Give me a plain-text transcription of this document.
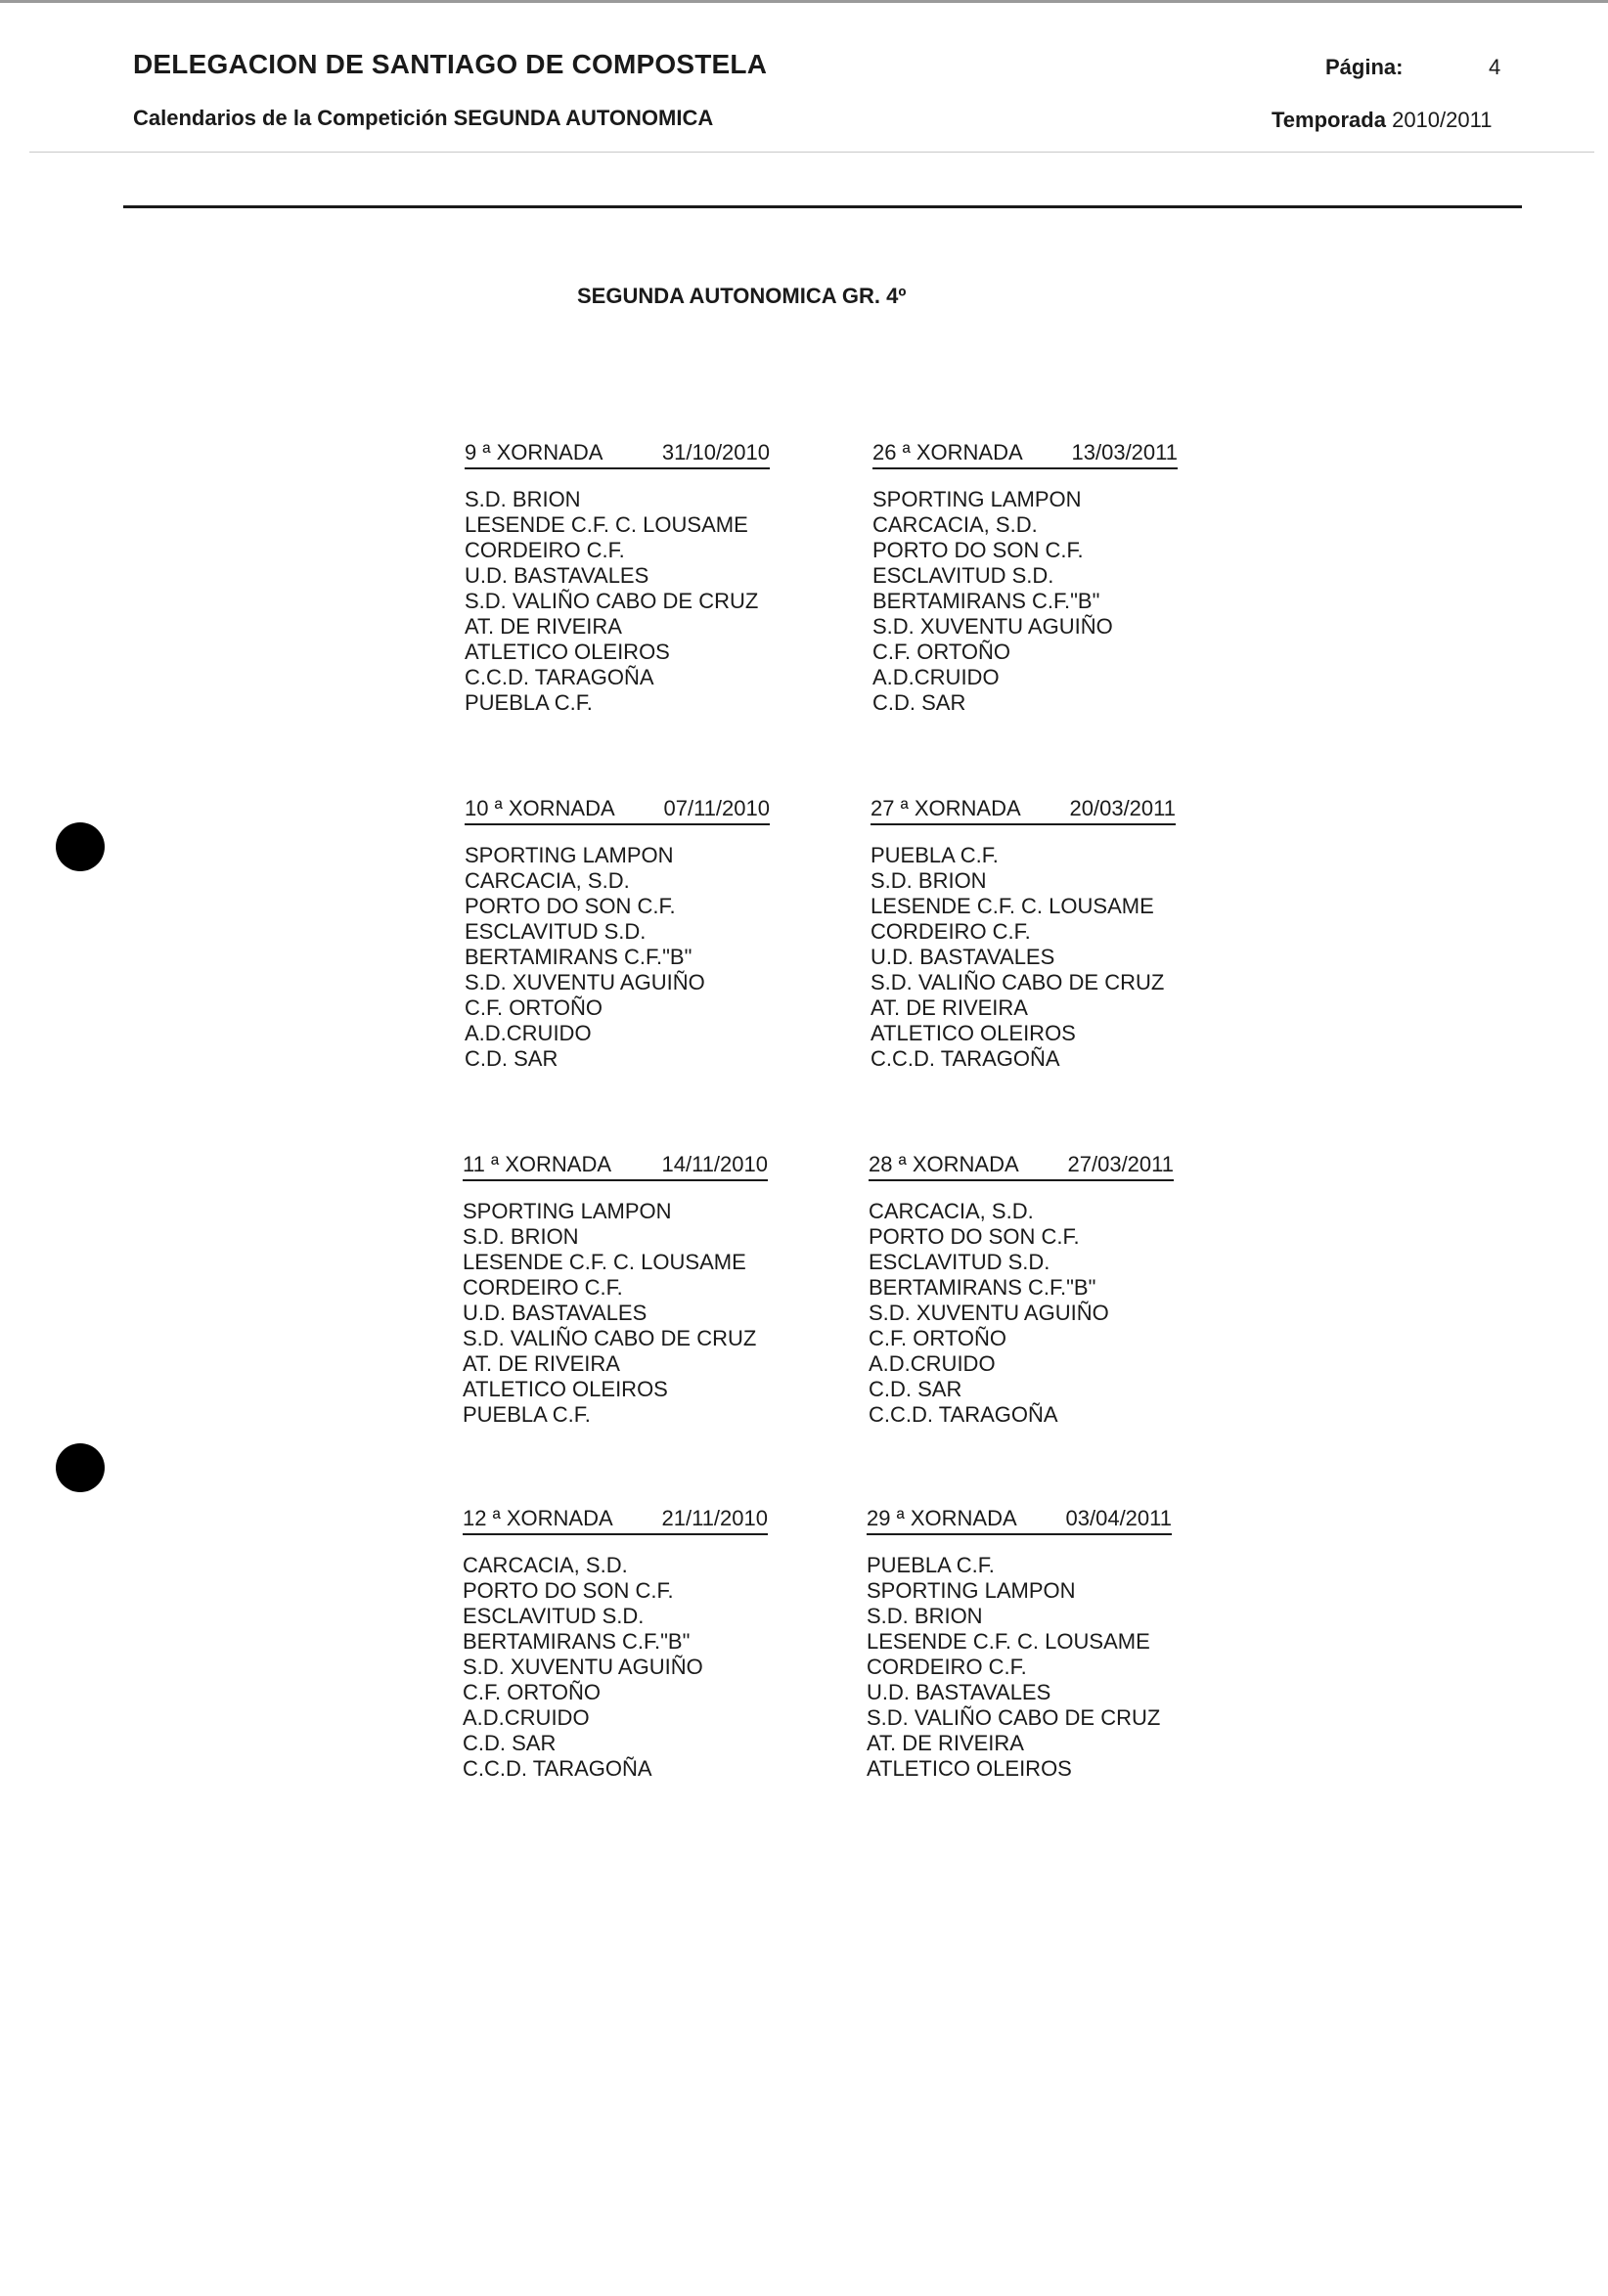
DELEGACION DE SANTIAGO DE COMPOSTELA	Página:	4
Calendarios de la Competición SEGUNDA AUTONOMICA	Temporada 2010/2011
SEGUNDA AUTONOMICA GR. 4º
9 ª XORNADA	31/10/2010
S.D. BRION
LESENDE C.F. C. LOUSAME
CORDEIRO C.F.
U.D. BASTAVALES
S.D. VALIÑO CABO DE CRUZ
AT. DE RIVEIRA
ATLETICO OLEIROS
C.C.D. TARAGOÑA
PUEBLA C.F.
26 ª XORNADA 13/03/2011
SPORTING LAMPON
CARCACIA, S.D.
PORTO DO SON C.F.
ESCLAVITUD S.D.
BERTAMIRANS C.F."B"
S.D. XUVENTU AGUIÑO
C.F. ORTOÑO
A.D.CRUIDO
C.D. SAR
10 ª XORNADA 07/11/2010
SPORTING LAMPON
CARCACIA, S.D.
PORTO DO SON C.F.
ESCLAVITUD S.D.
BERTAMIRANS C.F."B"
S.D. XUVENTU AGUIÑO
C.F. ORTOÑO
A.D.CRUIDO
C.D. SAR
27 ª XORNADA 20/03/2011
PUEBLA C.F.
S.D. BRION
LESENDE C.F. C. LOUSAME
CORDEIRO C.F.
U.D. BASTAVALES
S.D. VALIÑO CABO DE CRUZ
AT. DE RIVEIRA
ATLETICO OLEIROS
C.C.D. TARAGOÑA
11 ª XORNADA 14/11/2010
SPORTING LAMPON
S.D. BRION
LESENDE C.F. C. LOUSAME
CORDEIRO C.F.
U.D. BASTAVALES
S.D. VALIÑO CABO DE CRUZ
AT. DE RIVEIRA
ATLETICO OLEIROS
PUEBLA C.F.
28 ª XORNADA 27/03/2011
CARCACIA, S.D.
PORTO DO SON C.F.
ESCLAVITUD S.D.
BERTAMIRANS C.F."B"
S.D. XUVENTU AGUIÑO
C.F. ORTOÑO
A.D.CRUIDO
C.D. SAR
C.C.D. TARAGOÑA
12 ª XORNADA 21/11/2010
CARCACIA, S.D.
PORTO DO SON C.F.
ESCLAVITUD S.D.
BERTAMIRANS C.F."B"
S.D. XUVENTU AGUIÑO
C.F. ORTOÑO
A.D.CRUIDO
C.D. SAR
C.C.D. TARAGOÑA
29 ª XORNADA 03/04/2011
PUEBLA C.F.
SPORTING LAMPON
S.D. BRION
LESENDE C.F. C. LOUSAME
CORDEIRO C.F.
U.D. BASTAVALES
S.D. VALIÑO CABO DE CRUZ
AT. DE RIVEIRA
ATLETICO OLEIROS
